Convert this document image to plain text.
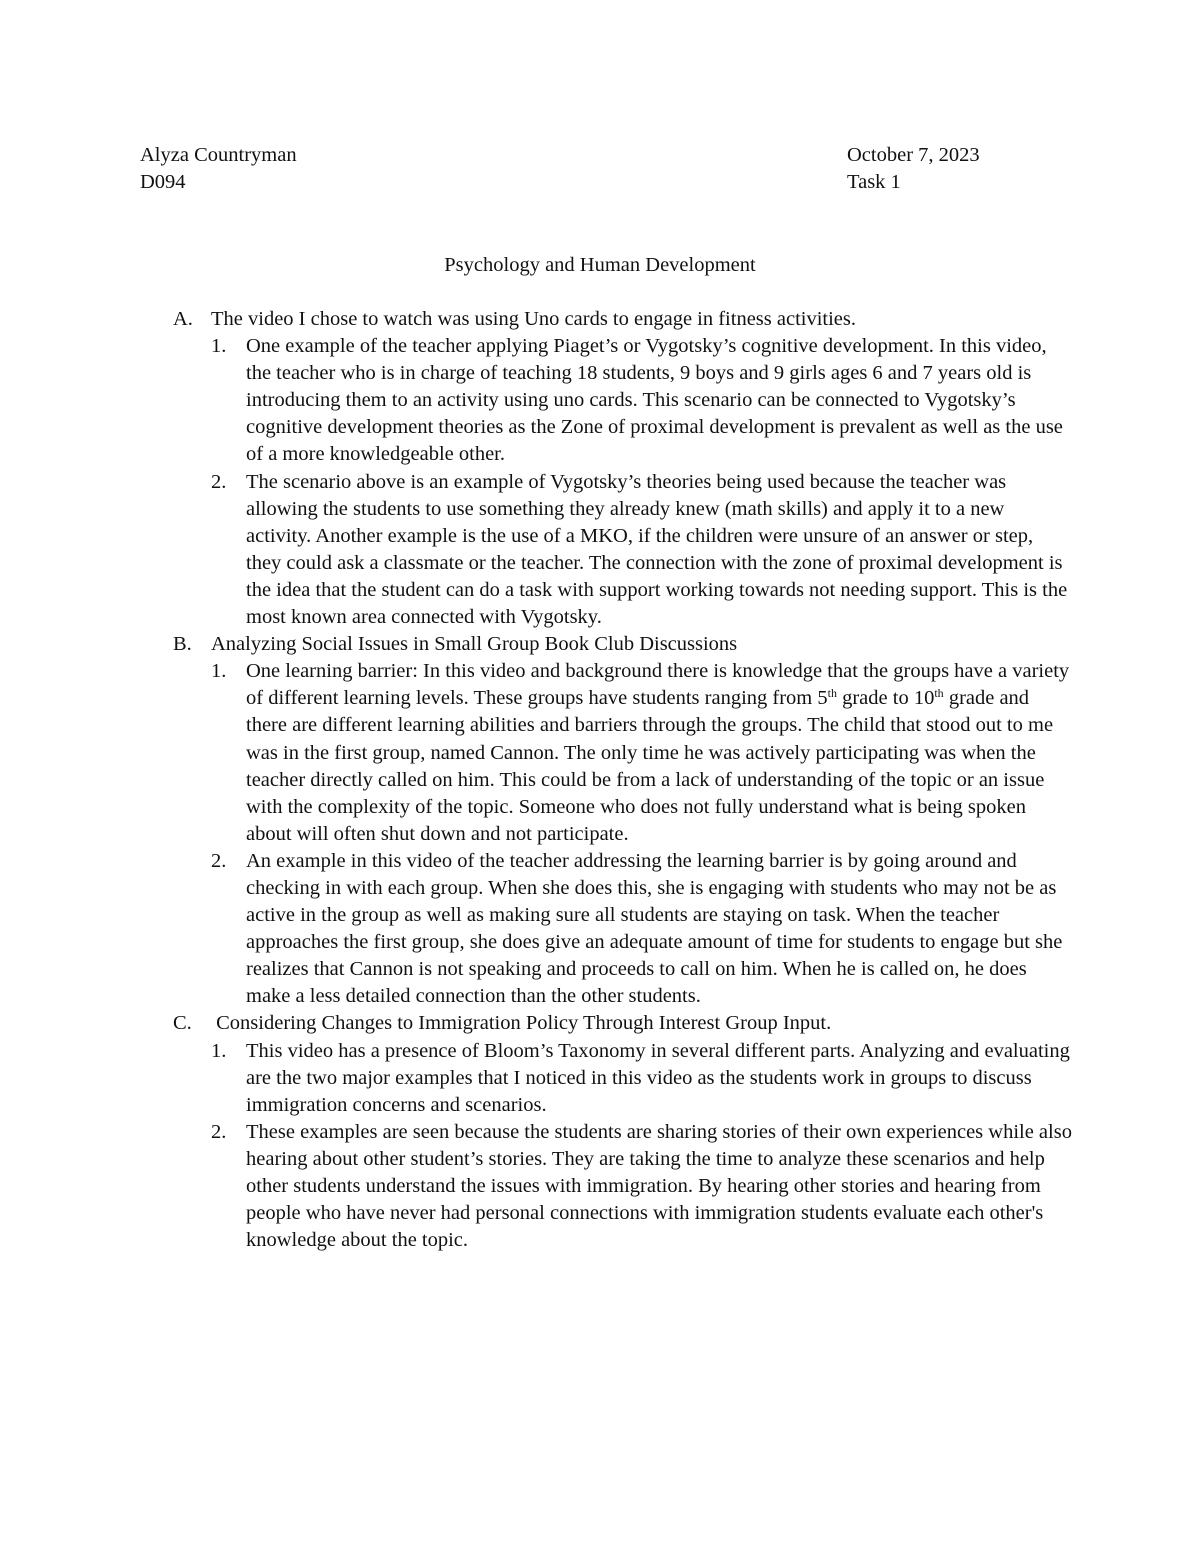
Alyza Countryman
D094
October 7, 2023
Task 1
Psychology and Human Development
A. The video I chose to watch was using Uno cards to engage in fitness activities.
1. One example of the teacher applying Piaget’s or Vygotsky’s cognitive development. In this video, the teacher who is in charge of teaching 18 students, 9 boys and 9 girls ages 6 and 7 years old is introducing them to an activity using uno cards. This scenario can be connected to Vygotsky’s cognitive development theories as the Zone of proximal development is prevalent as well as the use of a more knowledgeable other.
2. The scenario above is an example of Vygotsky’s theories being used because the teacher was allowing the students to use something they already knew (math skills) and apply it to a new activity. Another example is the use of a MKO, if the children were unsure of an answer or step, they could ask a classmate or the teacher. The connection with the zone of proximal development is the idea that the student can do a task with support working towards not needing support. This is the most known area connected with Vygotsky.
B. Analyzing Social Issues in Small Group Book Club Discussions
1. One learning barrier: In this video and background there is knowledge that the groups have a variety of different learning levels. These groups have students ranging from 5th grade to 10th grade and there are different learning abilities and barriers through the groups. The child that stood out to me was in the first group, named Cannon. The only time he was actively participating was when the teacher directly called on him. This could be from a lack of understanding of the topic or an issue with the complexity of the topic. Someone who does not fully understand what is being spoken about will often shut down and not participate.
2. An example in this video of the teacher addressing the learning barrier is by going around and checking in with each group. When she does this, she is engaging with students who may not be as active in the group as well as making sure all students are staying on task. When the teacher approaches the first group, she does give an adequate amount of time for students to engage but she realizes that Cannon is not speaking and proceeds to call on him. When he is called on, he does make a less detailed connection than the other students.
C. Considering Changes to Immigration Policy Through Interest Group Input.
1. This video has a presence of Bloom’s Taxonomy in several different parts. Analyzing and evaluating are the two major examples that I noticed in this video as the students work in groups to discuss immigration concerns and scenarios.
2. These examples are seen because the students are sharing stories of their own experiences while also hearing about other student’s stories. They are taking the time to analyze these scenarios and help other students understand the issues with immigration. By hearing other stories and hearing from people who have never had personal connections with immigration students evaluate each other's knowledge about the topic.
